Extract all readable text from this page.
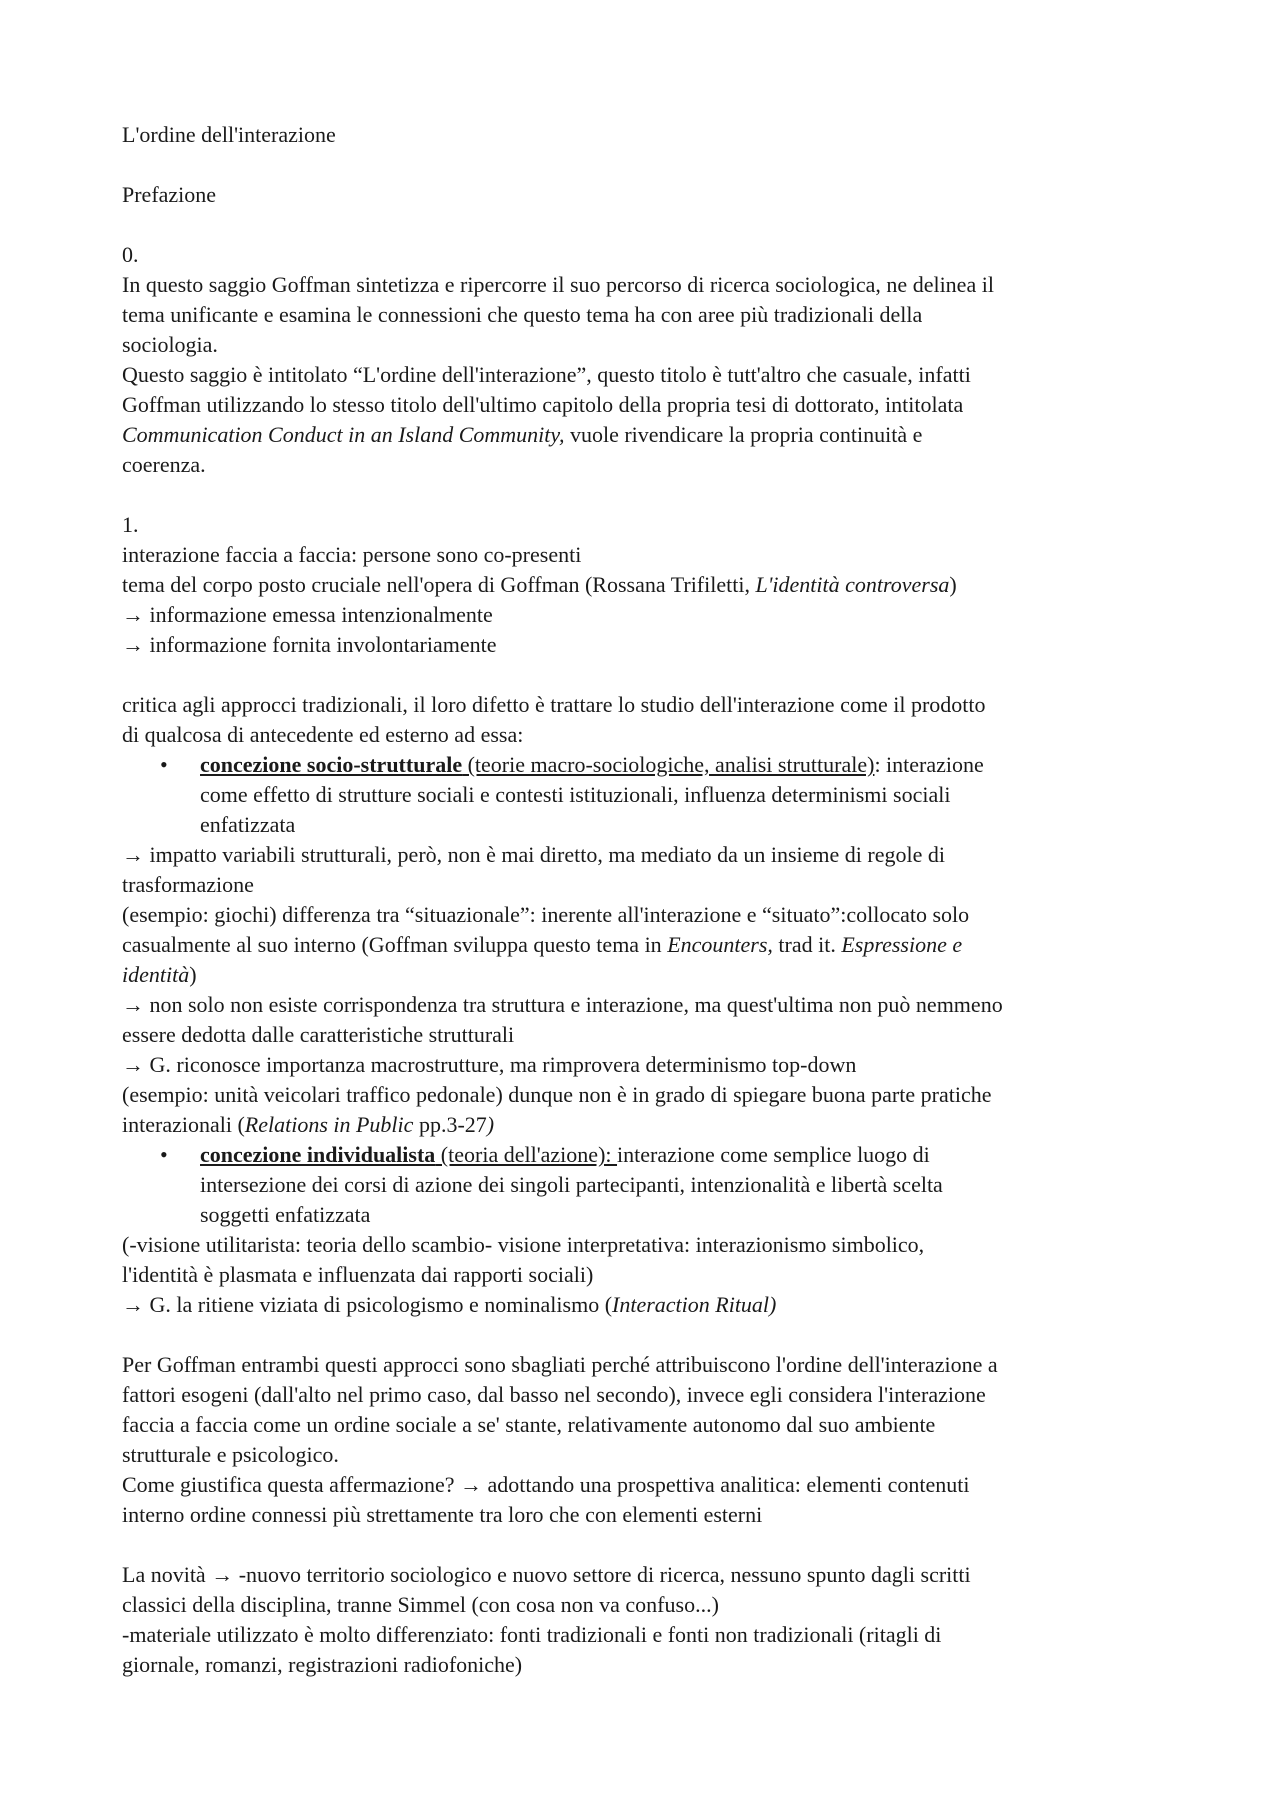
L'ordine dell'interazione

Prefazione

0.

In questo saggio Goffman sintetizza e ripercorre il suo percorso di ricerca sociologica, ne delinea il

tema unificante e esamina le connessioni che questo tema ha con aree più tradizionali della

sociologia.

Questo saggio è intitolato “L'ordine dell'interazione”, questo titolo è tutt'altro che casuale, infatti

Goffman utilizzando lo stesso titolo dell'ultimo capitolo della propria tesi di dottorato, intitolata

Communication Conduct in an Island Community, vuole rivendicare la propria continuità e

coerenza.

1.

interazione faccia a faccia: persone sono co-presenti

tema del corpo posto cruciale nell'opera di Goffman (Rossana Trifiletti, L'identità controversa)

→ informazione emessa intenzionalmente

→ informazione fornita involontariamente

critica agli approcci tradizionali, il loro difetto è trattare lo studio dell'interazione come il prodotto

di qualcosa di antecedente ed esterno ad essa:

• concezione socio-strutturale (teorie macro-sociologiche, analisi strutturale): interazione

come effetto di strutture sociali e contesti istituzionali, influenza determinismi sociali

enfatizzata

→ impatto variabili strutturali, però, non è mai diretto, ma mediato da un insieme di regole di

trasformazione

(esempio: giochi) differenza tra “situazionale”: inerente all'interazione e “situato”:collocato solo

casualmente al suo interno (Goffman sviluppa questo tema in Encounters, trad it. Espressione e

identità)

→ non solo non esiste corrispondenza tra struttura e interazione, ma quest'ultima non può nemmeno

essere dedotta dalle caratteristiche strutturali

→ G. riconosce importanza macrostrutture, ma rimprovera determinismo top-down

(esempio: unità veicolari traffico pedonale) dunque non è in grado di spiegare buona parte pratiche

interazionali (Relations in Public pp.3-27)

• concezione individualista (teoria dell'azione): interazione come semplice luogo di

intersezione dei corsi di azione dei singoli partecipanti, intenzionalità e libertà scelta

soggetti enfatizzata

(-visione utilitarista: teoria dello scambio- visione interpretativa: interazionismo simbolico,

l'identità è plasmata e influenzata dai rapporti sociali)

→ G. la ritiene viziata di psicologismo e nominalismo (Interaction Ritual)

Per Goffman entrambi questi approcci sono sbagliati perché attribuiscono l'ordine dell'interazione a

fattori esogeni (dall'alto nel primo caso, dal basso nel secondo), invece egli considera l'interazione

faccia a faccia come un ordine sociale a se' stante, relativamente autonomo dal suo ambiente

strutturale e psicologico.

Come giustifica questa affermazione? → adottando una prospettiva analitica: elementi contenuti

interno ordine connessi più strettamente tra loro che con elementi esterni

La novità → -nuovo territorio sociologico e nuovo settore di ricerca, nessuno spunto dagli scritti

classici della disciplina, tranne Simmel (con cosa non va confuso...)

-materiale utilizzato è molto differenziato: fonti tradizionali e fonti non tradizionali (ritagli di

giornale, romanzi, registrazioni radiofoniche)
